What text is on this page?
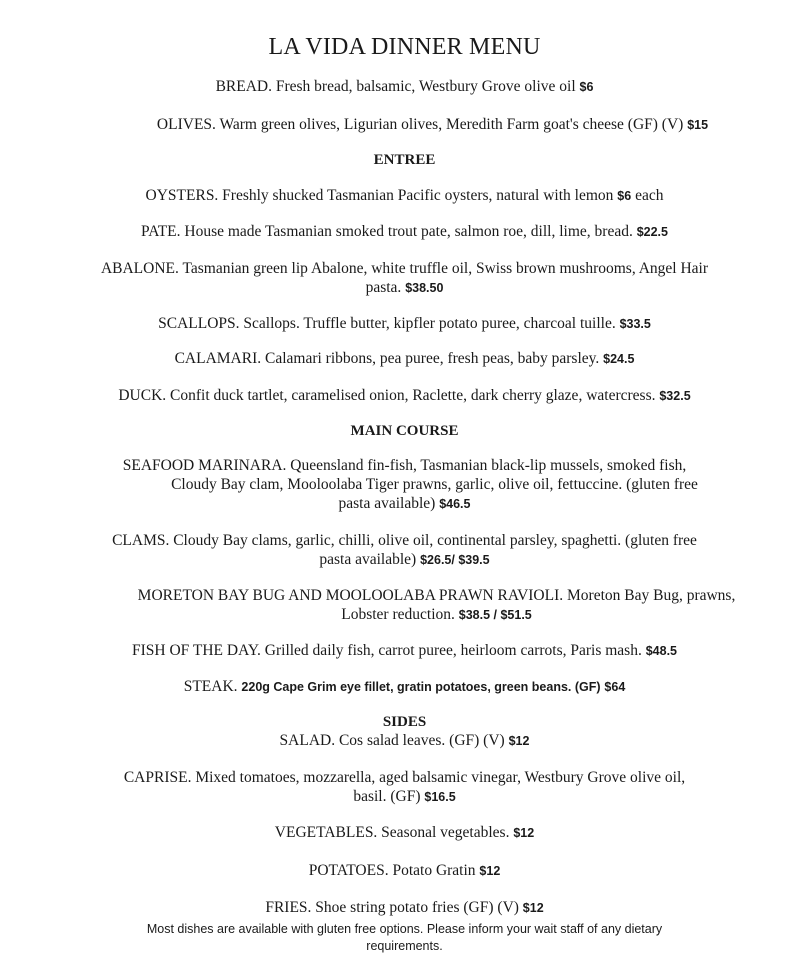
LA VIDA DINNER MENU
BREAD. Fresh bread, balsamic, Westbury Grove olive oil $6
OLIVES. Warm green olives, Ligurian olives, Meredith Farm goat's cheese (GF) (V) $15
ENTREE
OYSTERS. Freshly shucked Tasmanian Pacific oysters, natural with lemon $6 each
PATE. House made Tasmanian smoked trout pate, salmon roe, dill, lime, bread. $22.5
ABALONE. Tasmanian green lip Abalone, white truffle oil, Swiss brown mushrooms, Angel Hair
pasta. $38.50
SCALLOPS. Scallops. Truffle butter, kipfler potato puree, charcoal tuille. $33.5
CALAMARI. Calamari ribbons, pea puree, fresh peas, baby parsley. $24.5
DUCK. Confit duck tartlet, caramelised onion, Raclette, dark cherry glaze, watercress. $32.5
MAIN COURSE
SEAFOOD MARINARA. Queensland fin-fish, Tasmanian black-lip mussels, smoked fish,
Cloudy Bay clam, Mooloolaba Tiger prawns, garlic, olive oil, fettuccine. (gluten free
pasta available) $46.5
CLAMS. Cloudy Bay clams, garlic, chilli, olive oil, continental parsley, spaghetti. (gluten free
pasta available) $26.5/ $39.5
MORETON BAY BUG AND MOOLOOLABA PRAWN RAVIOLI. Moreton Bay Bug, prawns,
Lobster reduction. $38.5 / $51.5
FISH OF THE DAY. Grilled daily fish, carrot puree, heirloom carrots, Paris mash. $48.5
STEAK. 220g Cape Grim eye fillet, gratin potatoes, green beans. (GF) $64
SIDES
SALAD. Cos salad leaves. (GF) (V) $12
CAPRISE. Mixed tomatoes, mozzarella, aged balsamic vinegar, Westbury Grove olive oil,
basil. (GF) $16.5
VEGETABLES. Seasonal vegetables. $12
POTATOES. Potato Gratin $12
FRIES. Shoe string potato fries (GF) (V) $12
Most dishes are available with gluten free options. Please inform your wait staff of any dietary
requirements.
